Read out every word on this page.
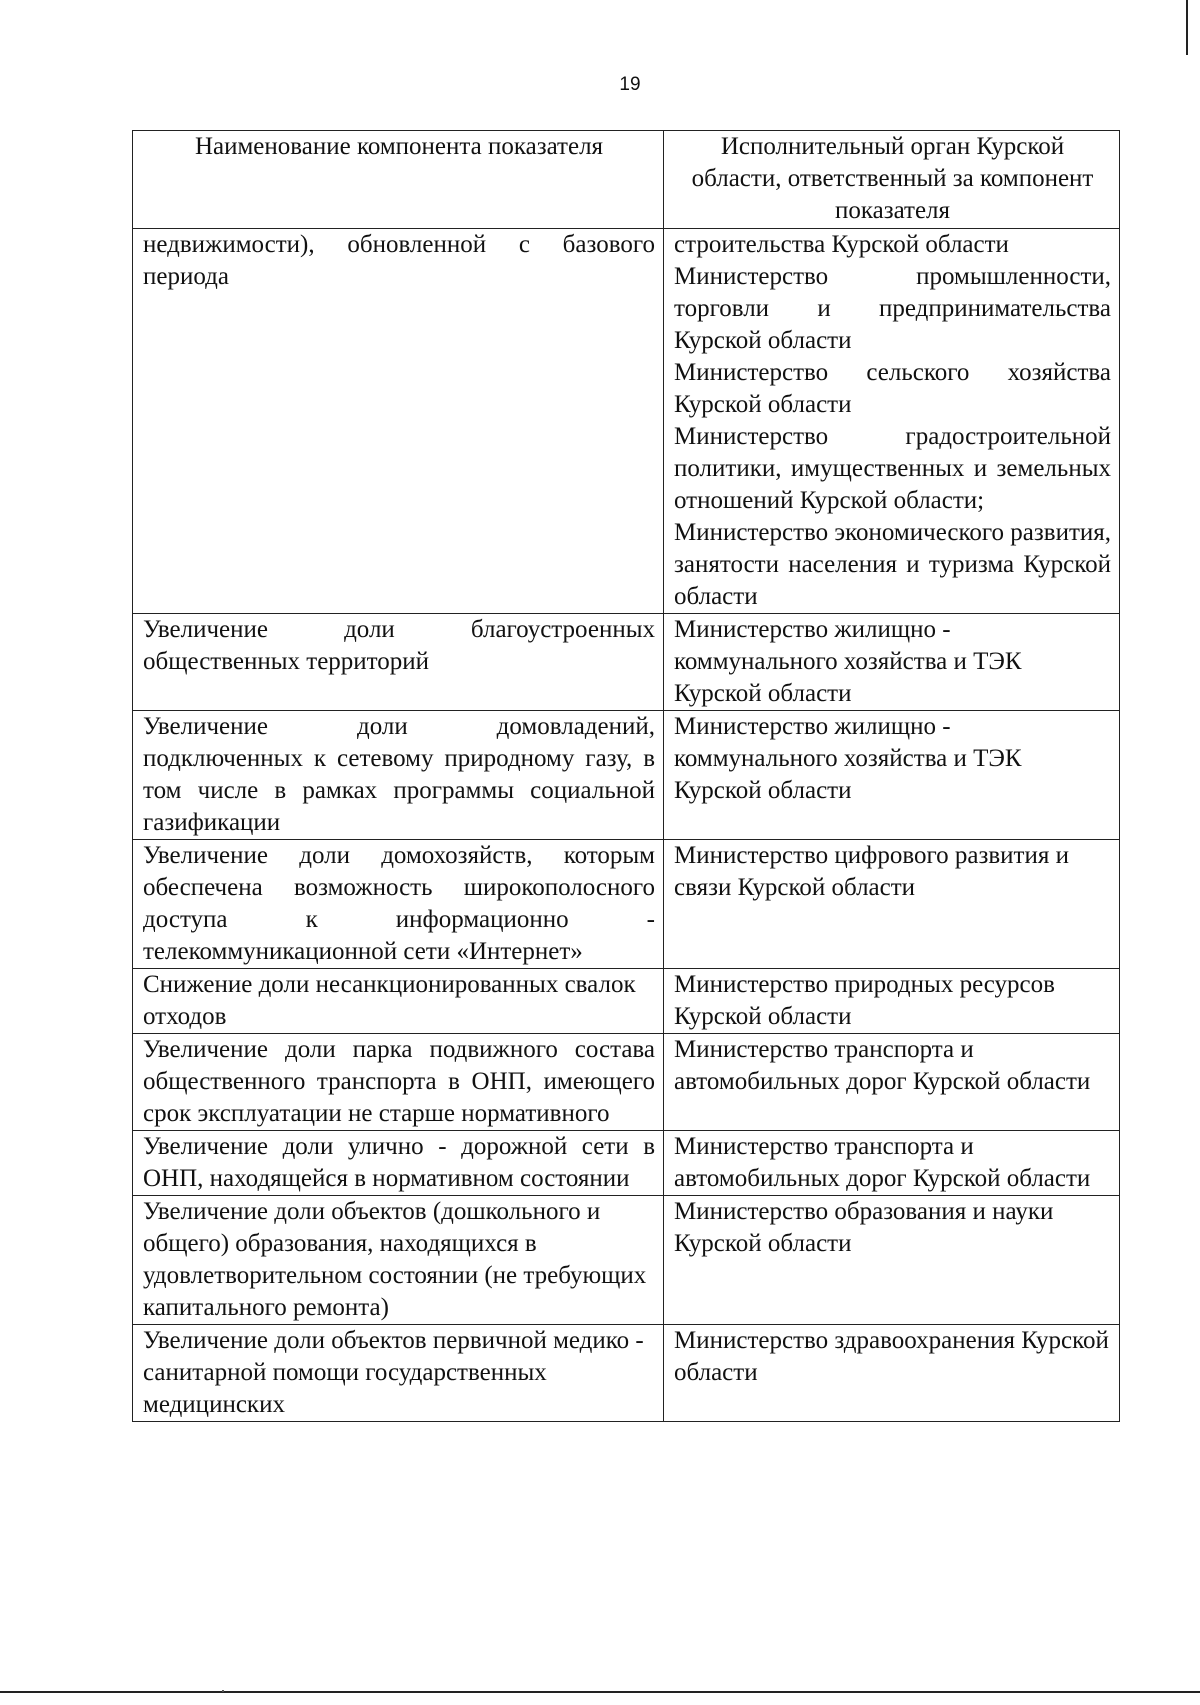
19
Наименование компонента показателя	Исполнительный орган Курской области, ответственный за компонент показателя
недвижимости), обновленной с базового периода	строительства Курской области
Министерство промышленности, торговли и предпринимательства Курской области
Министерство сельского хозяйства Курской области
Министерство градостроительной политики, имущественных и земельных отношений Курской области;
Министерство экономического развития, занятости населения и туризма Курской области

Увеличение доли благоустроенных общественных территорий	Министерство жилищно - коммунального хозяйства и ТЭК Курской области
Увеличение доли домовладений, подключенных к сетевому природному газу, в том числе в рамках программы социальной газификации	Министерство жилищно - коммунального хозяйства и ТЭК Курской области
Увеличение доли домохозяйств, которым обеспечена возможность широкополосного доступа к информационно - телекоммуникационной сети «Интернет»	Министерство цифрового развития и связи Курской области
Снижение доли несанкционированных свалок отходов	Министерство природных ресурсов Курской области
Увеличение доли парка подвижного состава общественного транспорта в ОНП, имеющего срок эксплуатации не старше нормативного	Министерство транспорта и автомобильных дорог Курской области
Увеличение доли улично - дорожной сети в ОНП, находящейся в нормативном состоянии	Министерство транспорта и автомобильных дорог Курской области
Увеличение доли объектов (дошкольного и общего) образования, находящихся в удовлетворительном состоянии (не требующих капитального ремонта)	Министерство образования и науки Курской области
Увеличение доли объектов первичной медико - санитарной помощи государственных медицинских	Министерство здравоохранения Курской области
